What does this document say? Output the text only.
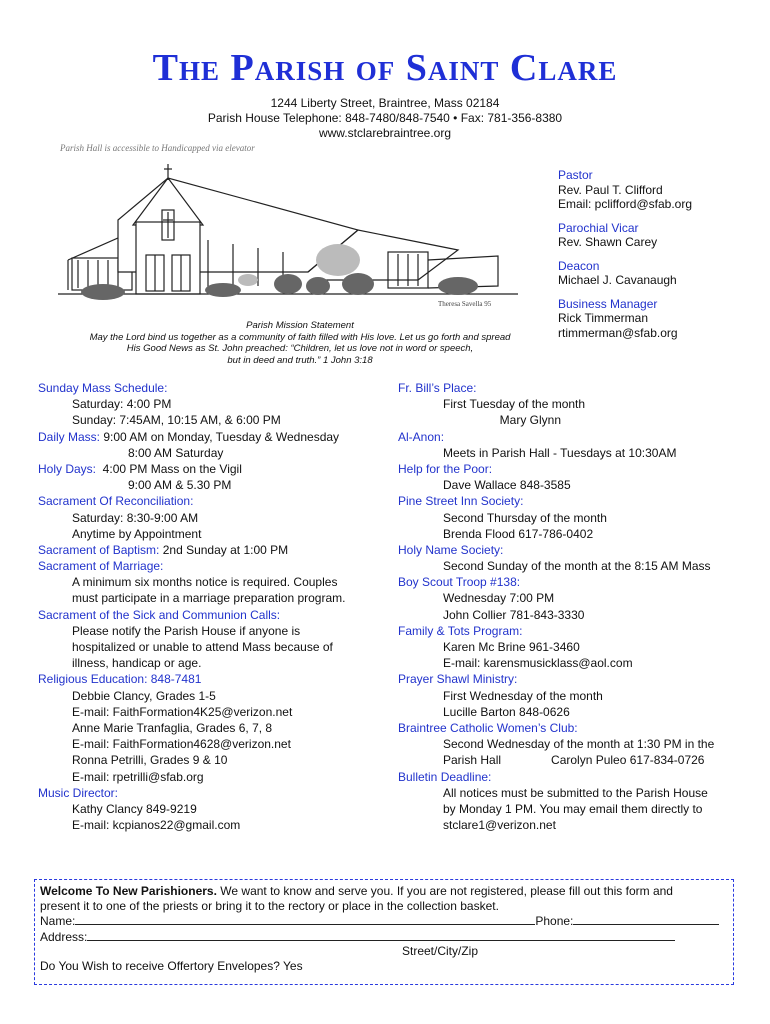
The Parish of Saint Clare
1244 Liberty Street, Braintree, Mass 02184
Parish House Telephone: 848-7480/848-7540 • Fax: 781-356-8380
www.stclarebraintree.org
Parish Hall is accessible to Handicapped via elevator
Theresa Savella 95
Pastor
Rev. Paul T. Clifford
Email: pclifford@sfab.org
Parochial Vicar
Rev. Shawn Carey
Deacon
Michael J. Cavanaugh
Business Manager
Rick Timmerman
rtimmerman@sfab.org
Parish Mission Statement
May the Lord bind us together as a community of faith filled with His love. Let us go forth and spread
His Good News as St. John preached: “Children, let us love not in word or speech,
but in deed and truth.” 1 John 3:18
Sunday Mass Schedule:
Saturday: 4:00 PM
Sunday: 7:45AM, 10:15 AM, & 6:00 PM
Daily Mass: 9:00 AM on Monday, Tuesday & Wednesday
8:00 AM Saturday
Holy Days:  4:00 PM Mass on the Vigil
9:00 AM & 5.30 PM
Sacrament Of Reconciliation:
Saturday: 8:30-9:00 AM
Anytime by Appointment
Sacrament of Baptism: 2nd Sunday at 1:00 PM
Sacrament of Marriage:
A minimum six months notice is required. Couples
must participate in a marriage preparation program.
Sacrament of the Sick and Communion Calls:
Please notify the Parish House if anyone is
hospitalized or unable to attend Mass because of
illness, handicap or age.
Religious Education: 848-7481
Debbie Clancy, Grades 1-5
E-mail: FaithFormation4K25@verizon.net
Anne Marie Tranfaglia, Grades 6, 7, 8
E-mail: FaithFormation4628@verizon.net
Ronna Petrilli, Grades 9 & 10
E-mail: rpetrilli@sfab.org
Music Director:
Kathy Clancy 849-9219
E-mail: kcpianos22@gmail.com
Fr. Bill’s Place:
First Tuesday of the month
Mary Glynn
Al-Anon:
Meets in Parish Hall - Tuesdays at 10:30AM
Help for the Poor:
Dave Wallace 848-3585
Pine Street Inn Society:
Second Thursday of the month
Brenda Flood 617-786-0402
Holy Name Society:
Second Sunday of the month at the 8:15 AM Mass
Boy Scout Troop #138:
Wednesday 7:00 PM
John Collier 781-843-3330
Family & Tots Program:
Karen Mc Brine 961-3460
E-mail: karensmusicklass@aol.com
Prayer Shawl Ministry:
First Wednesday of the month
Lucille Barton 848-0626
Braintree Catholic Women’s Club:
Second Wednesday of the month at 1:30 PM in the
Parish Hall               Carolyn Puleo 617-834-0726
Bulletin Deadline:
All notices must be submitted to the Parish House
by Monday 1 PM. You may email them directly to
stclare1@verizon.net
Welcome To New Parishioners. We want to know and serve you. If you are not registered, please fill out this form and
present it to one of the priests or bring it to the rectory or place in the collection basket.
Name:	Phone:
Address:
Street/City/Zip
Do You Wish to receive Offertory Envelopes? Yes
